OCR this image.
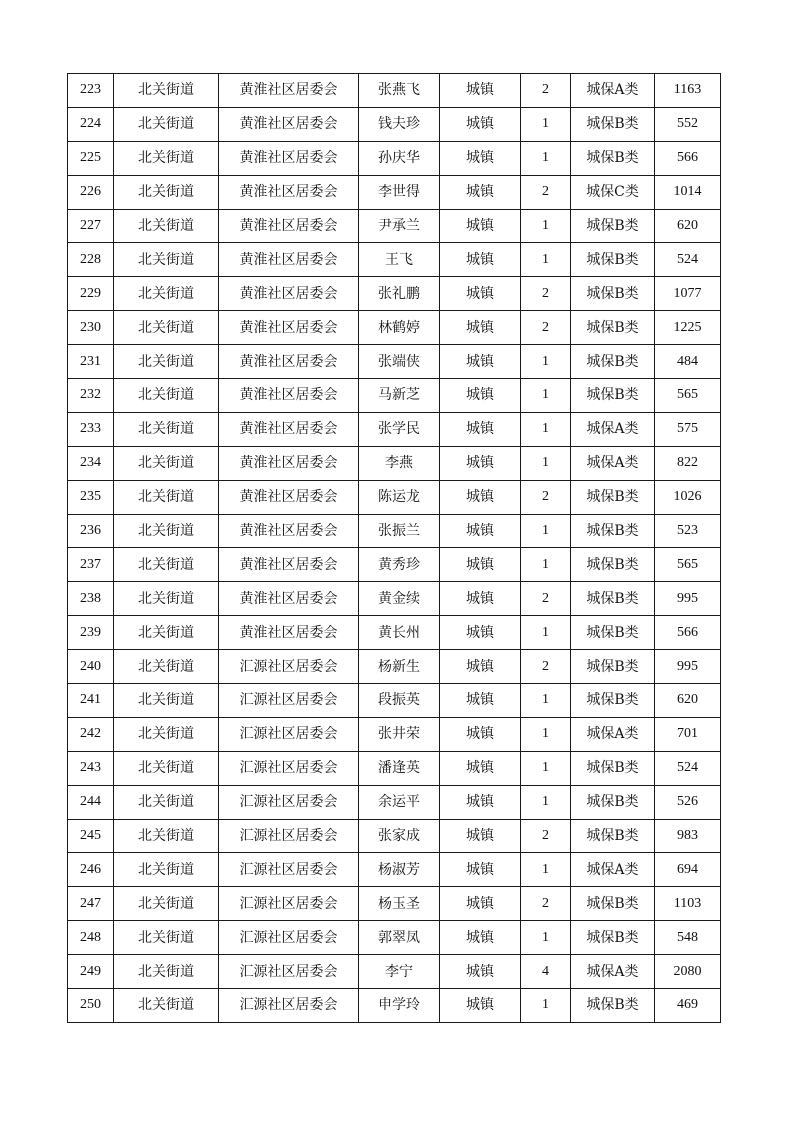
223	北关街道	黄淮社区居委会	张燕飞	城镇	2	城保A类	1163
224	北关街道	黄淮社区居委会	钱夫珍	城镇	1	城保B类	552
225	北关街道	黄淮社区居委会	孙庆华	城镇	1	城保B类	566
226	北关街道	黄淮社区居委会	李世得	城镇	2	城保C类	1014
227	北关街道	黄淮社区居委会	尹承兰	城镇	1	城保B类	620
228	北关街道	黄淮社区居委会	王飞	城镇	1	城保B类	524
229	北关街道	黄淮社区居委会	张礼鹏	城镇	2	城保B类	1077
230	北关街道	黄淮社区居委会	林鹤婷	城镇	2	城保B类	1225
231	北关街道	黄淮社区居委会	张端侠	城镇	1	城保B类	484
232	北关街道	黄淮社区居委会	马新芝	城镇	1	城保B类	565
233	北关街道	黄淮社区居委会	张学民	城镇	1	城保A类	575
234	北关街道	黄淮社区居委会	李燕	城镇	1	城保A类	822
235	北关街道	黄淮社区居委会	陈运龙	城镇	2	城保B类	1026
236	北关街道	黄淮社区居委会	张振兰	城镇	1	城保B类	523
237	北关街道	黄淮社区居委会	黄秀珍	城镇	1	城保B类	565
238	北关街道	黄淮社区居委会	黄金续	城镇	2	城保B类	995
239	北关街道	黄淮社区居委会	黄长州	城镇	1	城保B类	566
240	北关街道	汇源社区居委会	杨新生	城镇	2	城保B类	995
241	北关街道	汇源社区居委会	段振英	城镇	1	城保B类	620
242	北关街道	汇源社区居委会	张井荣	城镇	1	城保A类	701
243	北关街道	汇源社区居委会	潘逢英	城镇	1	城保B类	524
244	北关街道	汇源社区居委会	余运平	城镇	1	城保B类	526
245	北关街道	汇源社区居委会	张家成	城镇	2	城保B类	983
246	北关街道	汇源社区居委会	杨淑芳	城镇	1	城保A类	694
247	北关街道	汇源社区居委会	杨玉圣	城镇	2	城保B类	1103
248	北关街道	汇源社区居委会	郭翠凤	城镇	1	城保B类	548
249	北关街道	汇源社区居委会	李宁	城镇	4	城保A类	2080
250	北关街道	汇源社区居委会	申学玲	城镇	1	城保B类	469
